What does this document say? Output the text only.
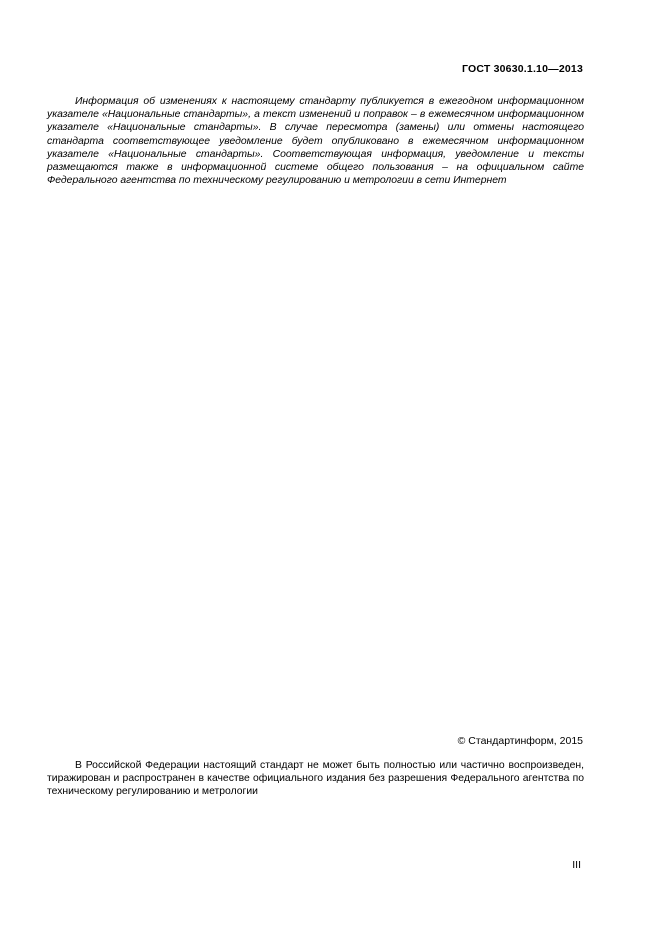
ГОСТ 30630.1.10—2013

Информация об изменениях к настоящему стандарту публикуется в ежегодном информационном указателе «Национальные стандарты», а текст изменений и поправок – в ежемесячном информационном указателе «Национальные стандарты». В случае пересмотра (замены) или отмены настоящего стандарта соответствующее уведомление будет опубликовано в ежемесячном информационном указателе «Национальные стандарты». Соответствующая информация, уведомление и тексты размещаются также в информационной системе общего пользования – на официальном сайте Федерального агентства по техническому регулированию и метрологии в сети Интернет

© Стандартинформ, 2015

В Российской Федерации настоящий стандарт не может быть полностью или частично воспроизведен, тиражирован и распространен в качестве официального издания без разрешения Федерального агентства по техническому регулированию и метрологии

III
